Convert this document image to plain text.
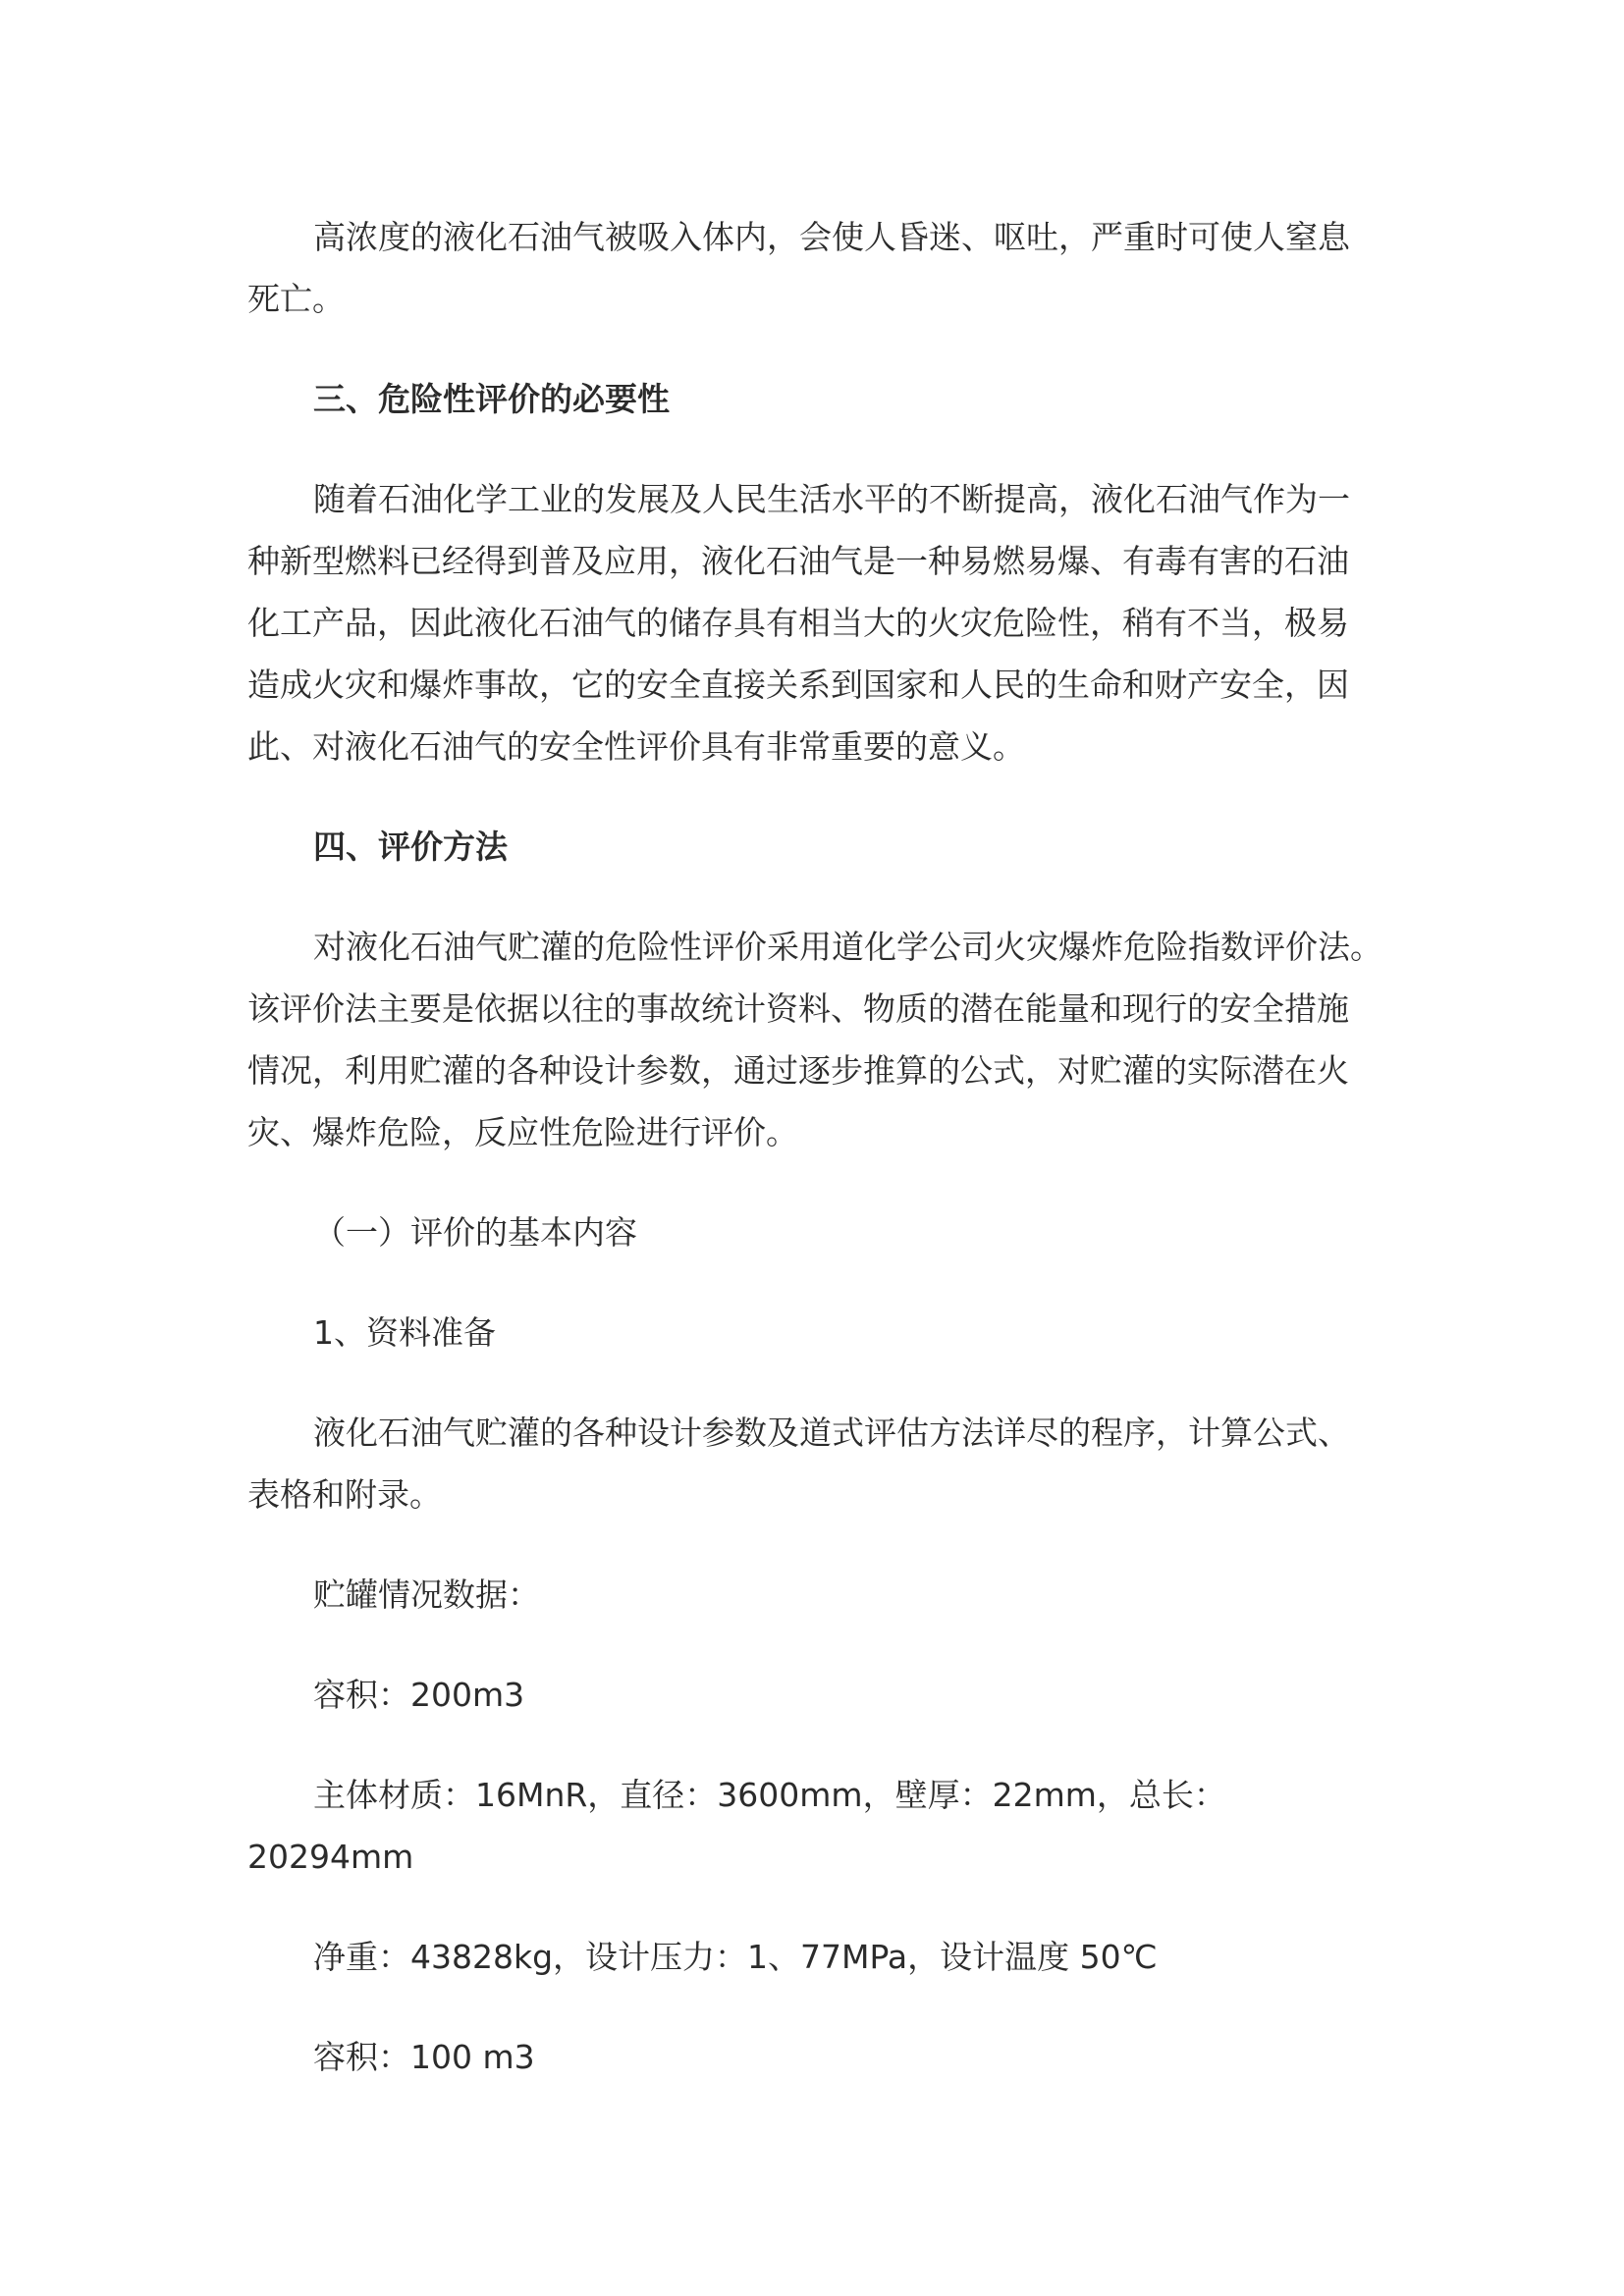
高浓度的液化石油气被吸入体内，会使人昏迷、呕吐，严重时可使人窒息
死亡。
三、危险性评价的必要性
随着石油化学工业的发展及人民生活水平的不断提高，液化石油气作为一
种新型燃料已经得到普及应用，液化石油气是一种易燃易爆、有毒有害的石油
化工产品，因此液化石油气的储存具有相当大的火灾危险性，稍有不当，极易
造成火灾和爆炸事故，它的安全直接关系到国家和人民的生命和财产安全，因
此、对液化石油气的安全性评价具有非常重要的意义。
四、评价方法
对液化石油气贮灌的危险性评价采用道化学公司火灾爆炸危险指数评价法。
该评价法主要是依据以往的事故统计资料、物质的潜在能量和现行的安全措施
情况，利用贮灌的各种设计参数，通过逐步推算的公式，对贮灌的实际潜在火
灾、爆炸危险，反应性危险进行评价。
（一）评价的基本内容
1、资料准备
液化石油气贮灌的各种设计参数及道式评估方法详尽的程序，计算公式、
表格和附录。
贮罐情况数据：
容积：200m3
主体材质：16MnR，直径：3600mm，壁厚：22mm，总长：
20294mm
净重：43828kg，设计压力：1、77MPa，设计温度 50℃
容积：100 m3
